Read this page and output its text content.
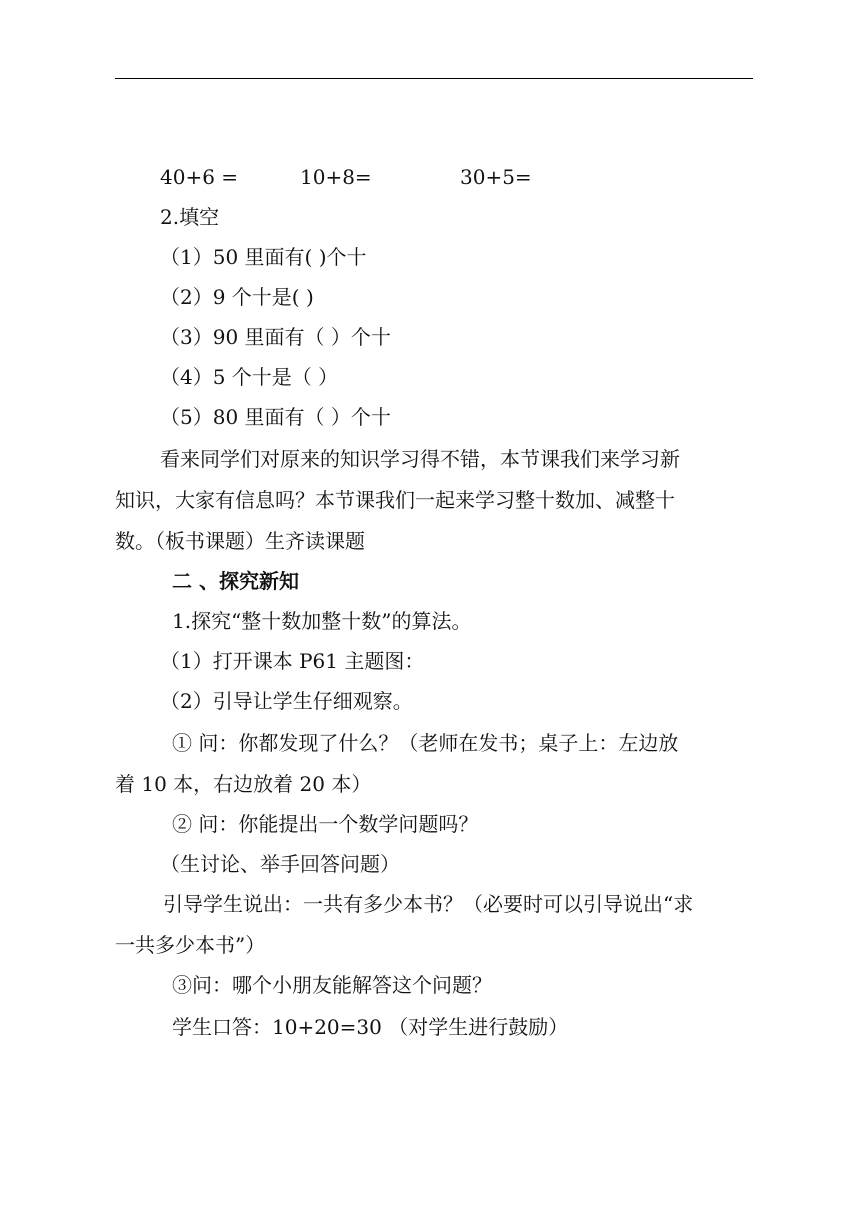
40+6 =	10+8=	30+5=
2.填空
（1）50 里面有( )个十
（2）9 个十是( )
（3）90 里面有（ ）个十
（4）5 个十是（ ）
（5）80 里面有（ ）个十
看来同学们对原来的知识学习得不错，本节课我们来学习新
知识，大家有信息吗？本节课我们一起来学习整十数加、减整十
数。（板书课题）生齐读课题
二 、探究新知
1.探究“整十数加整十数”的算法。
（1）打开课本 P61 主题图：
（2）引导让学生仔细观察。
① 问：你都发现了什么？（老师在发书；桌子上：左边放
着 10 本，右边放着 20 本）
② 问：你能提出一个数学问题吗？
（生讨论、举手回答问题）
引导学生说出：一共有多少本书？（必要时可以引导说出“求
一共多少本书”）
③问：哪个小朋友能解答这个问题？
学生口答：10+20=30 （对学生进行鼓励）
